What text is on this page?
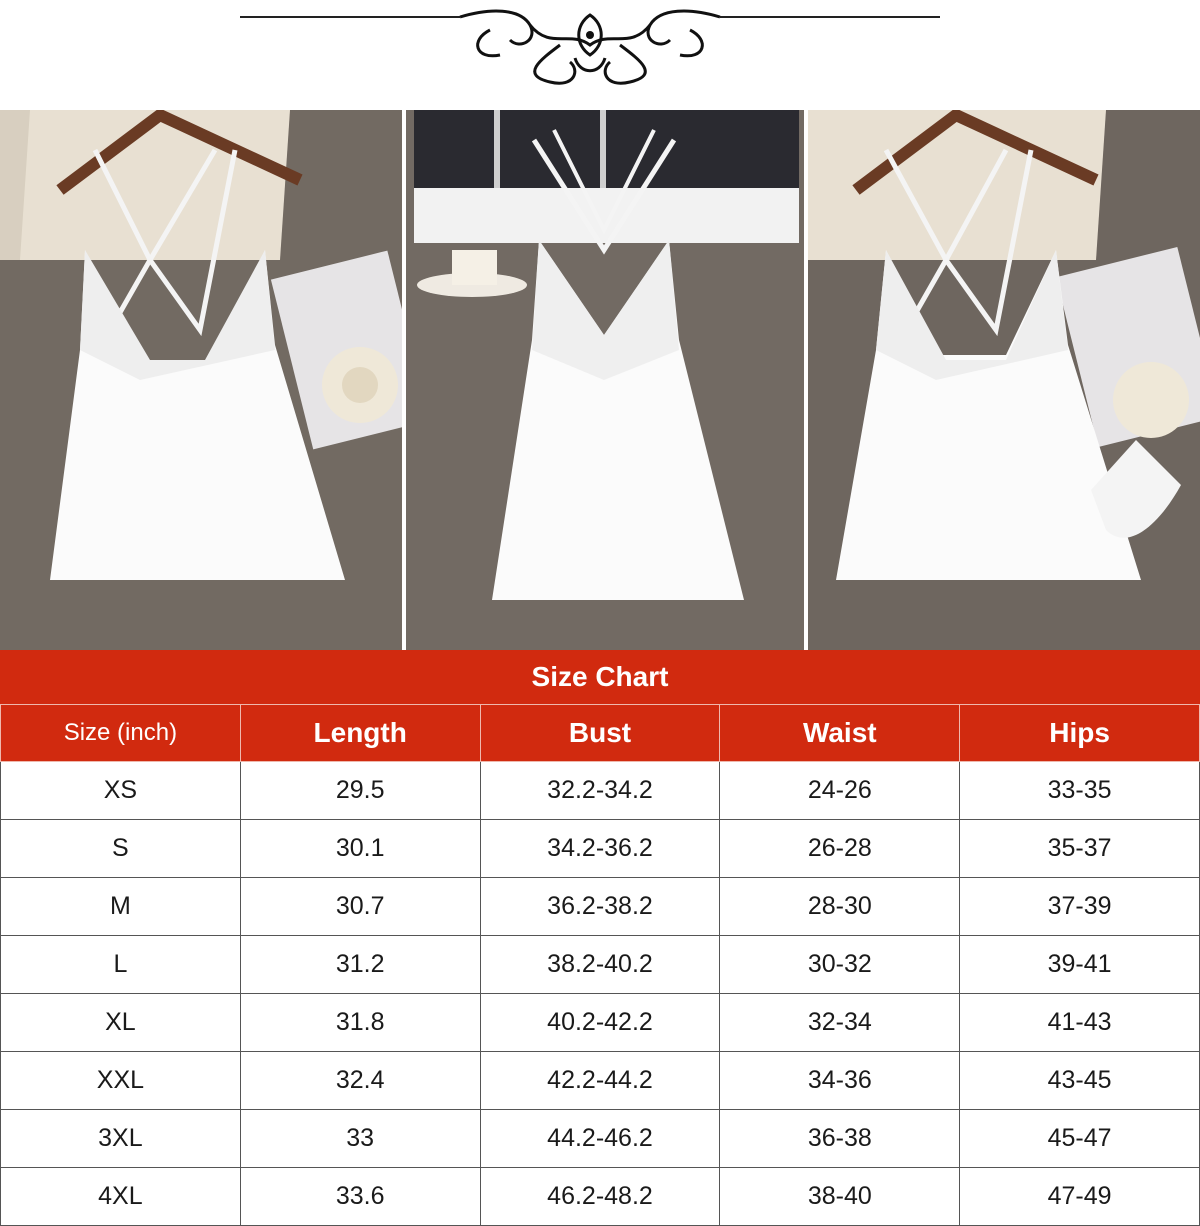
Size Chart
Size (inch)	Length	Bust	Waist	Hips
XS	29.5	32.2-34.2	24-26	33-35
S	30.1	34.2-36.2	26-28	35-37
M	30.7	36.2-38.2	28-30	37-39
L	31.2	38.2-40.2	30-32	39-41
XL	31.8	40.2-42.2	32-34	41-43
XXL	32.4	42.2-44.2	34-36	43-45
3XL	33	44.2-46.2	36-38	45-47
4XL	33.6	46.2-48.2	38-40	47-49
